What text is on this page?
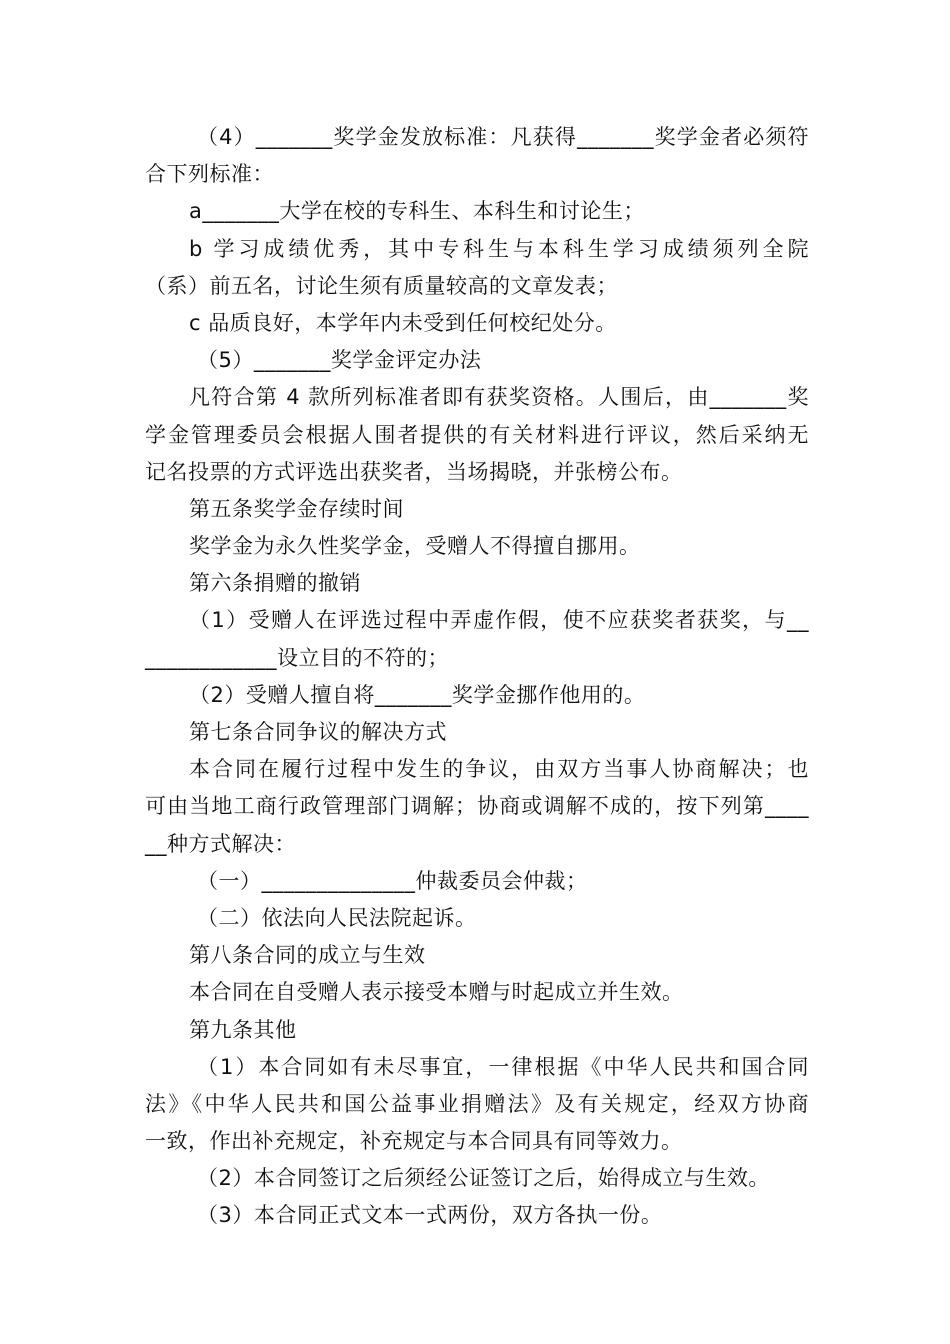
（4）_______奖学金发放标准：凡获得_______奖学金者必须符
合下列标准：
a_______大学在校的专科生、本科生和讨论生；
b 学习成绩优秀，其中专科生与本科生学习成绩须列全院
（系）前五名，讨论生须有质量较高的文章发表；
c 品质良好，本学年内未受到任何校纪处分。
（5）_______奖学金评定办法
凡符合第 4 款所列标准者即有获奖资格。人围后，由_______奖
学金管理委员会根据人围者提供的有关材料进行评议，然后采纳无
记名投票的方式评选出获奖者，当场揭晓，并张榜公布。
第五条奖学金存续时间
奖学金为永久性奖学金，受赠人不得擅自挪用。
第六条捐赠的撤销
（1）受赠人在评选过程中弄虚作假，使不应获奖者获奖，与__
____________设立目的不符的；
（2）受赠人擅自将_______奖学金挪作他用的。
第七条合同争议的解决方式
本合同在履行过程中发生的争议，由双方当事人协商解决；也
可由当地工商行政管理部门调解；协商或调解不成的，按下列第____
__种方式解决：
（一）______________仲裁委员会仲裁；
（二）依法向人民法院起诉。
第八条合同的成立与生效
本合同在自受赠人表示接受本赠与时起成立并生效。
第九条其他
（1）本合同如有未尽事宜，一律根据《中华人民共和国合同
法》《中华人民共和国公益事业捐赠法》及有关规定，经双方协商
一致，作出补充规定，补充规定与本合同具有同等效力。
（2）本合同签订之后须经公证签订之后，始得成立与生效。
（3）本合同正式文本一式两份，双方各执一份。
